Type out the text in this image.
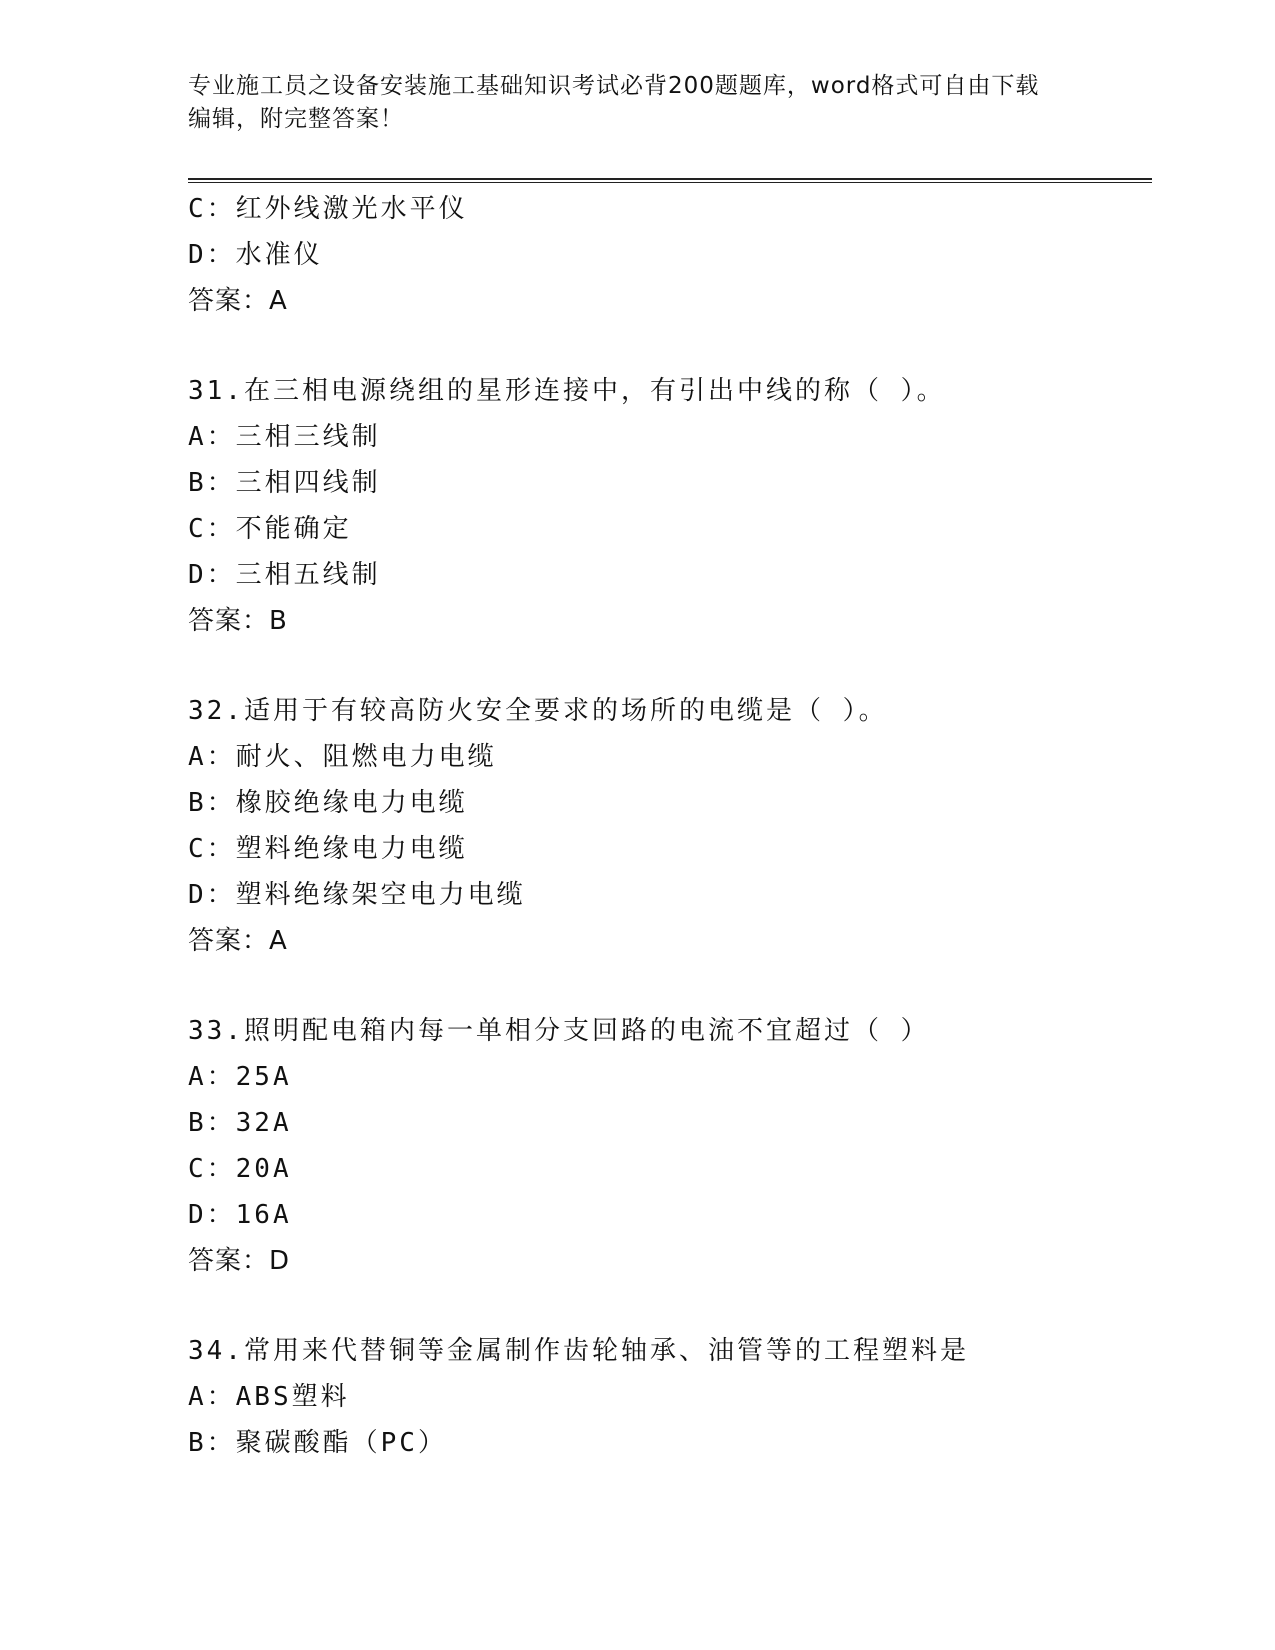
专业施工员之设备安装施工基础知识考试必背200题题库，word格式可自由下载
编辑，附完整答案！
C：红外线激光水平仪
D：水准仪
答案：A
31.在三相电源绕组的星形连接中，有引出中线的称（ ）。
A：三相三线制
B：三相四线制
C：不能确定
D：三相五线制
答案：B
32.适用于有较高防火安全要求的场所的电缆是（ ）。
A：耐火、阻燃电力电缆
B：橡胶绝缘电力电缆
C：塑料绝缘电力电缆
D：塑料绝缘架空电力电缆
答案：A
33.照明配电箱内每一单相分支回路的电流不宜超过（ ）
A：25A
B：32A
C：20A
D：16A
答案：D
34.常用来代替铜等金属制作齿轮轴承、油管等的工程塑料是
A：ABS塑料
B：聚碳酸酯（PC）
